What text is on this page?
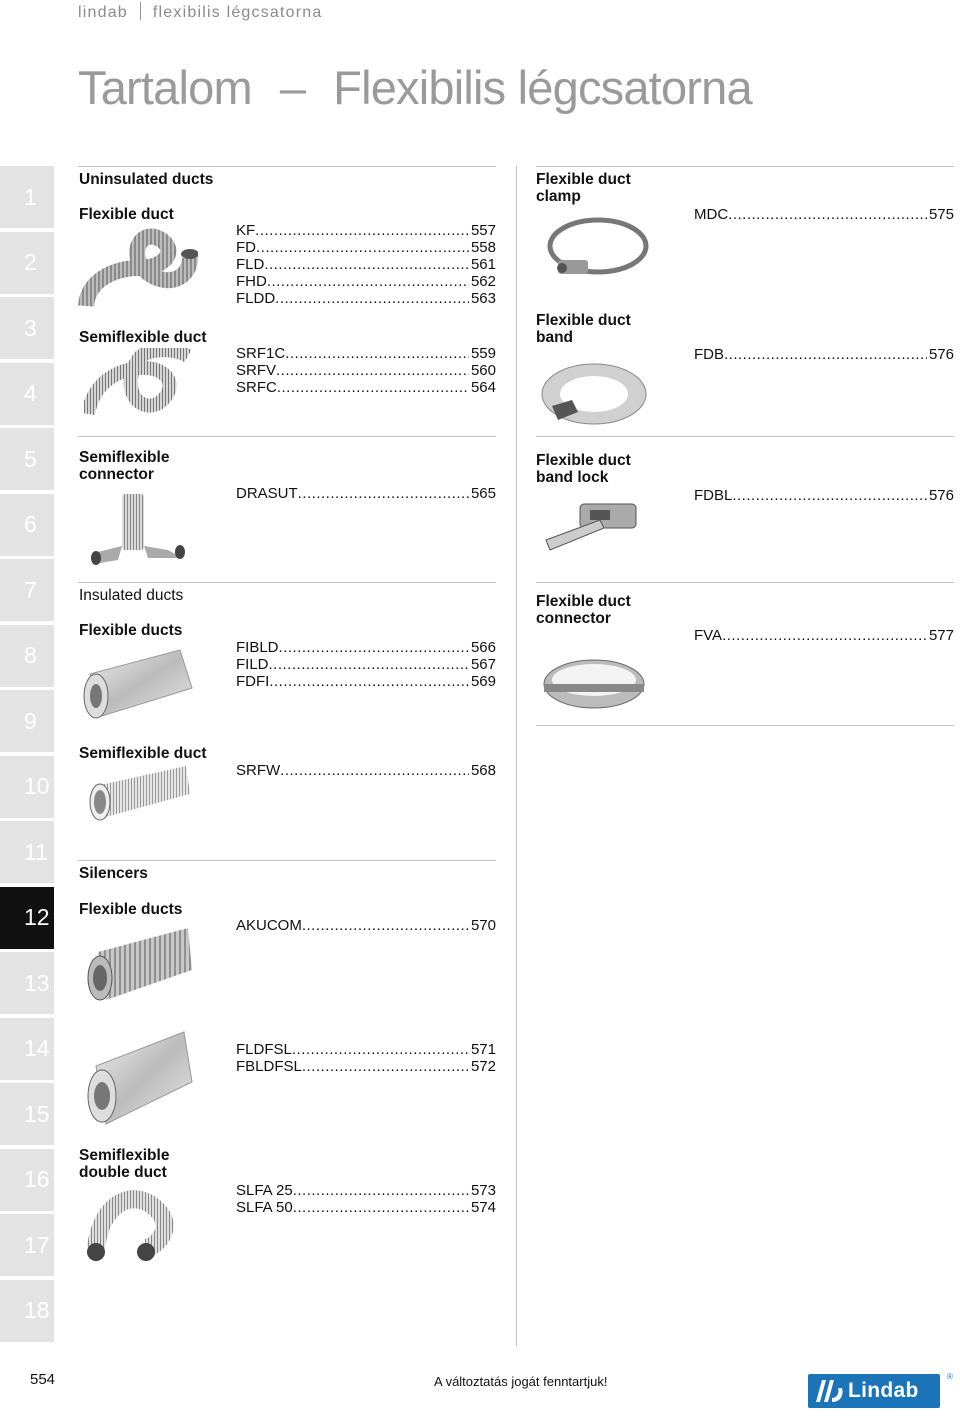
lindab flexibilis légcsatorna
Tartalom – Flexibilis légcsatorna
1
2
3
4
5
6
7
8
9
10
11
12
13
14
15
16
17
18
Uninsulated ducts
Flexible duct
KF .....	557
FD .....	558
FLD .....	561
FHD .....	562
FLDD .....	563
Semiflexible duct
SRF1C .....	559
SRFV .....	560
SRFC .....	564
Semiflexible
connector
DRASUT .....	565
Insulated ducts
Flexible ducts
FIBLD .....	566
FILD .....	567
FDFI .....	569
Semiflexible duct
SRFW .....	568
Silencers
Flexible ducts
AKUCOM .....	570
FLDFSL .....	571
FBLDFSL .....	572
Semiflexible
double duct
SLFA 25 .....	573
SLFA 50 .....	574
Flexible duct
clamp
MDC .....	575
Flexible duct
band
FDB .....	576
Flexible duct
band lock
FDBL .....	576
Flexible duct
connector
FVA .....	577
554	A változtatás jogát fenntartjuk!	Lindab
®
